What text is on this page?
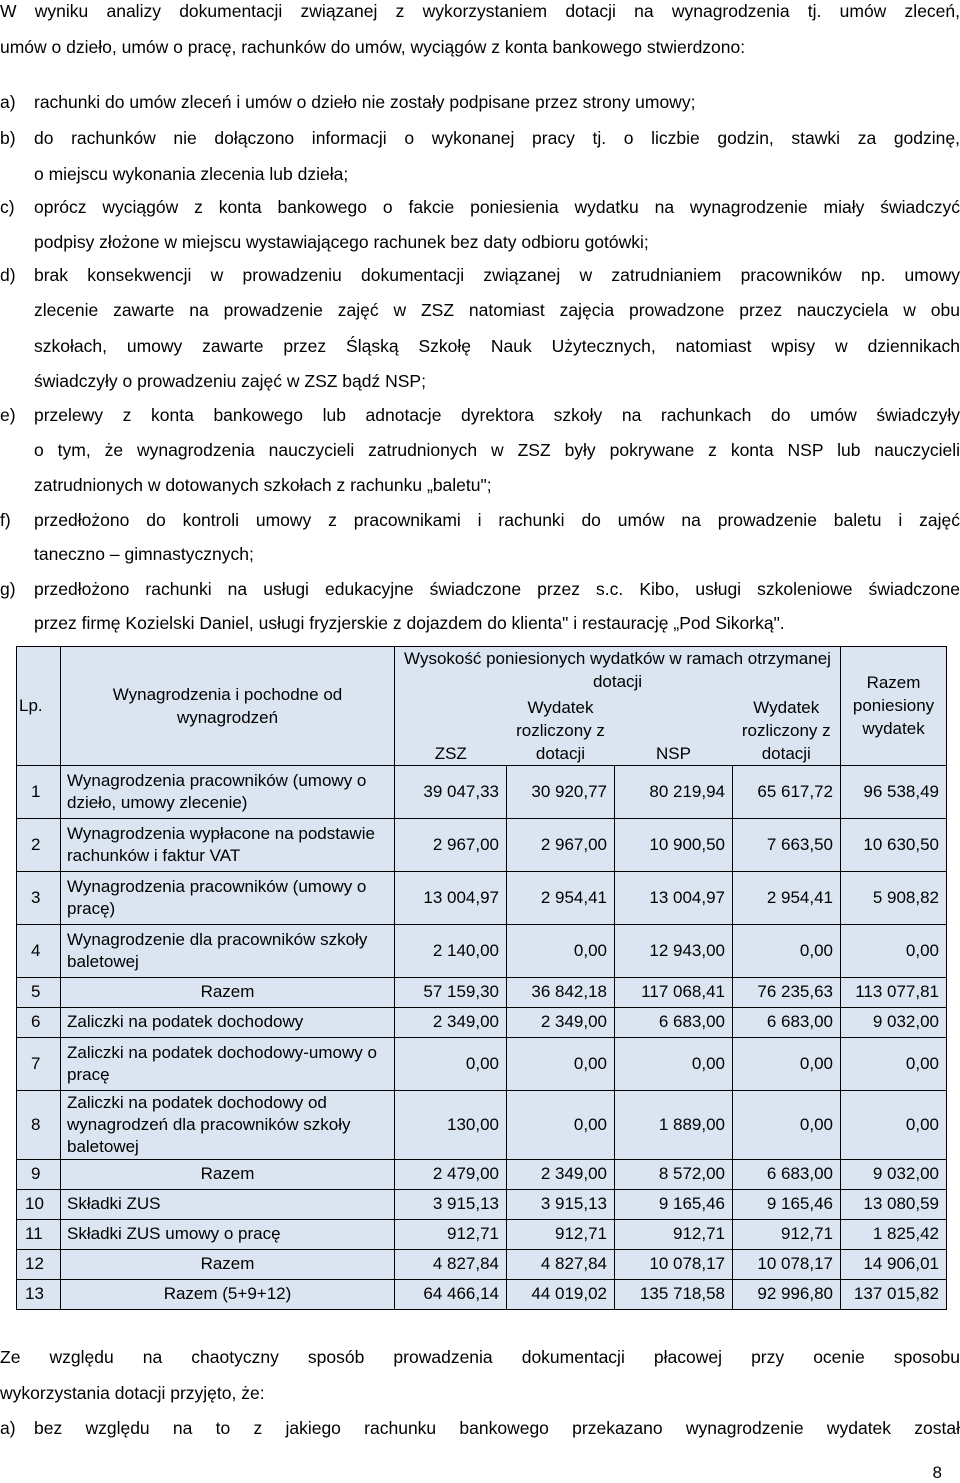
W wyniku analizy dokumentacji związanej z wykorzystaniem dotacji na wynagrodzenia tj. umów zleceń,
umów o dzieło, umów o pracę, rachunków do umów, wyciągów z konta bankowego stwierdzono:
a) rachunki do umów zleceń i umów o dzieło nie zostały podpisane przez strony umowy;
b) do rachunków nie dołączono informacji o wykonanej pracy tj. o liczbie godzin, stawki za godzinę,
o miejscu wykonania zlecenia lub dzieła;
c) oprócz wyciągów z konta bankowego o fakcie poniesienia wydatku na wynagrodzenie miały świadczyć
podpisy złożone w miejscu wystawiającego rachunek bez daty odbioru gotówki;
d) brak konsekwencji w prowadzeniu dokumentacji związanej w zatrudnianiem pracowników np. umowy
zlecenie zawarte na prowadzenie zajęć w ZSZ natomiast zajęcia prowadzone przez nauczyciela w obu
szkołach, umowy zawarte przez Śląską Szkołę Nauk Użytecznych, natomiast wpisy w dziennikach
świadczyły o prowadzeniu zajęć w ZSZ bądź NSP;
e) przelewy z konta bankowego lub adnotacje dyrektora szkoły na rachunkach do umów świadczyły
o tym, że wynagrodzenia nauczycieli zatrudnionych w ZSZ były pokrywane z konta NSP lub nauczycieli
zatrudnionych w dotowanych szkołach z rachunku „baletu";
f) przedłożono do kontroli umowy z pracownikami i rachunki do umów na prowadzenie baletu i zajęć
taneczno – gimnastycznych;
g) przedłożono rachunki na usługi edukacyjne świadczone przez s.c. Kibo, usługi szkoleniowe świadczone
przez firmę Kozielski Daniel, usługi fryzjerskie z dojazdem do klienta" i restaurację „Pod Sikorką".
Lp.	Wynagrodzenia i pochodne od wynagrodzeń	Wysokość poniesionych wydatków w ramach otrzymanej dotacji				Razem poniesiony wydatek
		ZSZ	Wydatek rozliczony z dotacji	NSP	Wydatek rozliczony z dotacji	
1	Wynagrodzenia pracowników (umowy o dzieło, umowy zlecenie)	39 047,33	30 920,77	80 219,94	65 617,72	96 538,49
2	Wynagrodzenia wypłacone na podstawie rachunków i faktur VAT	2 967,00	2 967,00	10 900,50	7 663,50	10 630,50
3	Wynagrodzenia pracowników (umowy o pracę)	13 004,97	2 954,41	13 004,97	2 954,41	5 908,82
4	Wynagrodzenie dla pracowników szkoły baletowej	2 140,00	0,00	12 943,00	0,00	0,00
5	Razem	57 159,30	36 842,18	117 068,41	76 235,63	113 077,81
6	Zaliczki na podatek dochodowy	2 349,00	2 349,00	6 683,00	6 683,00	9 032,00
7	Zaliczki na podatek dochodowy-umowy o pracę	0,00	0,00	0,00	0,00	0,00
8	Zaliczki na podatek dochodowy od wynagrodzeń dla pracowników szkoły baletowej	130,00	0,00	1 889,00	0,00	0,00
9	Razem	2 479,00	2 349,00	8 572,00	6 683,00	9 032,00
10	Składki ZUS	3 915,13	3 915,13	9 165,46	9 165,46	13 080,59
11	Składki ZUS umowy o pracę	912,71	912,71	912,71	912,71	1 825,42
12	Razem	4 827,84	4 827,84	10 078,17	10 078,17	14 906,01
13	Razem (5+9+12)	64 466,14	44 019,02	135 718,58	92 996,80	137 015,82
Ze względu na chaotyczny sposób prowadzenia dokumentacji płacowej przy ocenie sposobu
wykorzystania dotacji przyjęto, że:
a) bez względu na to z jakiego rachunku bankowego przekazano wynagrodzenie wydatek został
8
